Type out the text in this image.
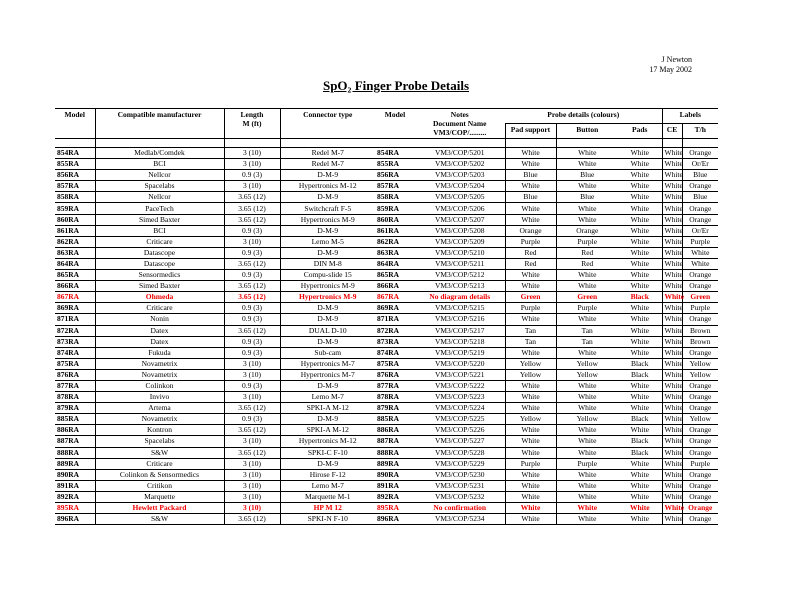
J Newton
17 May 2002
SpO₂ Finger Probe Details
Model	Compatible manufacturer	Length
M (ft)	Connector type	Model	Notes
Document Name
VM3/COP/.........	Probe details (colours)			Labels	
						Pad support	Button	Pads	CE	T/h

854RA	Medlab/Comdek	3 (10)	Redel M-7	854RA	VM3/COP/5201	White	White	White	White	Orange
855RA	BCI	3 (10)	Redel M-7	855RA	VM3/COP/5202	White	White	White	White	Or/Er
856RA	Nellcor	0.9 (3)	D-M-9	856RA	VM3/COP/5203	Blue	Blue	White	White	Blue
857RA	Spacelabs	3 (10)	Hypertronics M-12	857RA	VM3/COP/5204	White	White	White	White	Orange
858RA	Nellcor	3.65 (12)	D-M-9	858RA	VM3/COP/5205	Blue	Blue	White	White	Blue
859RA	PaceTech	3.65 (12)	Switchcraft F-5	859RA	VM3/COP/5206	White	White	White	White	Orange
860RA	Simed Baxter	3.65 (12)	Hypertronics M-9	860RA	VM3/COP/5207	White	White	White	White	Orange
861RA	BCI	0.9 (3)	D-M-9	861RA	VM3/COP/5208	Orange	Orange	White	White	Or/Er
862RA	Criticare	3 (10)	Lemo M-5	862RA	VM3/COP/5209	Purple	Purple	White	White	Purple
863RA	Datascope	0.9 (3)	D-M-9	863RA	VM3/COP/5210	Red	Red	White	White	White
864RA	Datascope	3.65 (12)	DIN M-8	864RA	VM3/COP/5211	Red	Red	White	White	White
865RA	Sensormedics	0.9 (3)	Compu-slide 15	865RA	VM3/COP/5212	White	White	White	White	Orange
866RA	Simed Baxter	3.65 (12)	Hypertronics M-9	866RA	VM3/COP/5213	White	White	White	White	Orange
867RA	Ohmeda	3.65 (12)	Hypertronics M-9	867RA	No diagram details	Green	Green	Black	White	Green
869RA	Criticare	0.9 (3)	D-M-9	869RA	VM3/COP/5215	Purple	Purple	White	White	Purple
871RA	Nonin	0.9 (3)	D-M-9	871RA	VM3/COP/5216	White	White	White	White	Orange
872RA	Datex	3.65 (12)	DUAL D-10	872RA	VM3/COP/5217	Tan	Tan	White	White	Brown
873RA	Datex	0.9 (3)	D-M-9	873RA	VM3/COP/5218	Tan	Tan	White	White	Brown
874RA	Fukuda	0.9 (3)	Sub-cam	874RA	VM3/COP/5219	White	White	White	White	Orange
875RA	Novametrix	3 (10)	Hypertronics M-7	875RA	VM3/COP/5220	Yellow	Yellow	Black	White	Yellow
876RA	Novametrix	3 (10)	Hypertronics M-7	876RA	VM3/COP/5221	Yellow	Yellow	Black	White	Yellow
877RA	Colinkon	0.9 (3)	D-M-9	877RA	VM3/COP/5222	White	White	White	White	Orange
878RA	Invivo	3 (10)	Lemo M-7	878RA	VM3/COP/5223	White	White	White	White	Orange
879RA	Artema	3.65 (12)	SPKI-A M-12	879RA	VM3/COP/5224	White	White	White	White	Orange
885RA	Novametrix	0.9 (3)	D-M-9	885RA	VM3/COP/5225	Yellow	Yellow	Black	White	Yellow
886RA	Kontron	3.65 (12)	SPKI-A M-12	886RA	VM3/COP/5226	White	White	White	White	Orange
887RA	Spacelabs	3 (10)	Hypertronics M-12	887RA	VM3/COP/5227	White	White	Black	White	Orange
888RA	S&W	3.65 (12)	SPKI-C F-10	888RA	VM3/COP/5228	White	White	Black	White	Orange
889RA	Criticare	3 (10)	D-M-9	889RA	VM3/COP/5229	Purple	Purple	White	White	Purple
890RA	Colinkon & Sensormedics	3 (10)	Hirose F-12	890RA	VM3/COP/5230	White	White	White	White	Orange
891RA	Critikon	3 (10)	Lemo M-7	891RA	VM3/COP/5231	White	White	White	White	Orange
892RA	Marquette	3 (10)	Marquette M-1	892RA	VM3/COP/5232	White	White	White	White	Orange
895RA	Hewlett Packard	3 (10)	HP M 12	895RA	No confirmation	White	White	White	White	Orange
896RA	S&W	3.65 (12)	SPKI-N F-10	896RA	VM3/COP/5234	White	White	White	White	Orange
